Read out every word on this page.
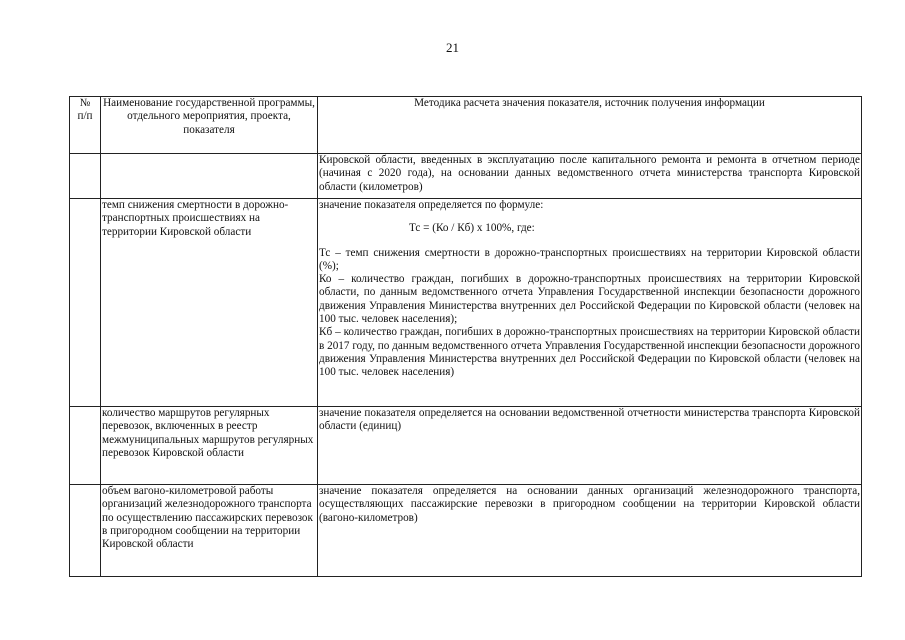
21
№
п/п	Наименование государственной программы, отдельного мероприятия, проекта, показателя	Методика расчета значения показателя, источник получения информации
		Кировской области, введенных в эксплуатацию после капитального ремонта и ремонта в отчетном периоде (начиная с 2020 года), на основании данных ведомственного отчета министерства транспорта Кировской области (километров)
	темп снижения смертности в дорожно-транспортных происшествиях на территории Кировской области	значение показателя определяется по формуле:
Тс = (Ко / Кб) x 100%, где:
Тс – темп снижения смертности в дорожно-транспортных происшествиях на территории Кировской области (%);
Ко – количество граждан, погибших в дорожно-транспортных происшествиях на территории Кировской области, по данным ведомственного отчета Управления Государственной инспекции безопасности дорожного движения Управления Министерства внутренних дел Российской Федерации по Кировской области (человек на 100 тыс. человек населения);
Кб – количество граждан, погибших в дорожно-транспортных происшествиях на территории Кировской области в 2017 году, по данным ведомственного отчета Управления Государственной инспекции безопасности дорожного движения Управления Министерства внутренних дел Российской Федерации по Кировской области (человек на 100 тыс. человек населения)

	количество маршрутов регулярных перевозок, включенных в реестр межмуниципальных маршрутов регулярных перевозок Кировской области	значение показателя определяется на основании ведомственной отчетности министерства транспорта Кировской области (единиц)
	объем вагоно-километровой работы организаций железнодорожного транспорта по осуществлению пассажирских перевозок в пригородном сообщении на территории Кировской области	значение показателя определяется на основании данных организаций железнодорожного транспорта, осуществляющих пассажирские перевозки в пригородном сообщении на территории Кировской области (вагоно-километров)
